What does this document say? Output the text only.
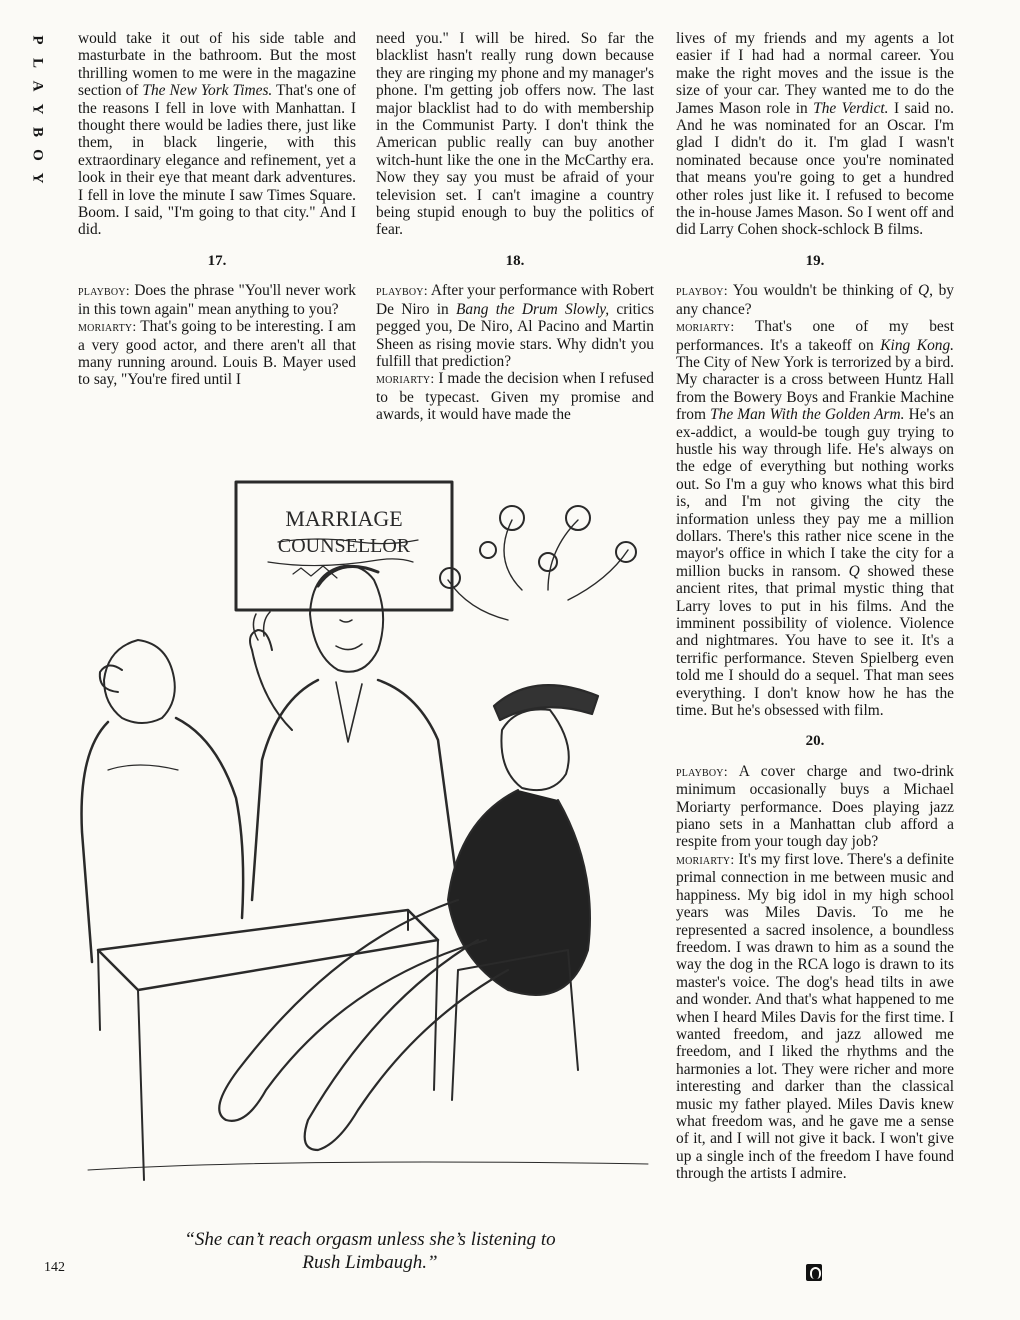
P
L
A
Y
B
O
Y

would take it out of his side table and masturbate in the bathroom. But the most thrilling women to me were in the magazine section of The New York Times. That's one of the reasons I fell in love with Manhattan. I thought there would be ladies there, just like them, in black lingerie, with this extraordinary elegance and refinement, yet a look in their eye that meant dark adventures. I fell in love the minute I saw Times Square. Boom. I said, "I'm going to that city." And I did.

17.

playboy: Does the phrase "You'll never work in this town again" mean anything to you?

moriarty: That's going to be interesting. I am a very good actor, and there aren't all that many running around. Louis B. Mayer used to say, "You're fired until I

need you." I will be hired. So far the blacklist hasn't really rung down because they are ringing my phone and my manager's phone. I'm getting job offers now. The last major blacklist had to do with membership in the Communist Party. I don't think the American public really can buy another witch-hunt like the one in the McCarthy era. Now they say you must be afraid of your television set. I can't imagine a country being stupid enough to buy the politics of fear.

18.

playboy: After your performance with Robert De Niro in Bang the Drum Slowly, critics pegged you, De Niro, Al Pacino and Martin Sheen as rising movie stars. Why didn't you fulfill that prediction?

moriarty: I made the decision when I refused to be typecast. Given my promise and awards, it would have made the

lives of my friends and my agents a lot easier if I had had a normal career. You make the right moves and the issue is the size of your car. They wanted me to do the James Mason role in The Verdict. I said no. And he was nominated for an Oscar. I'm glad I didn't do it. I'm glad I wasn't nominated because once you're nominated that means you're going to get a hundred other roles just like it. I refused to become the in-house James Mason. So I went off and did Larry Cohen shock-schlock B films.

19.

playboy: You wouldn't be thinking of Q, by any chance?

moriarty: That's one of my best performances. It's a takeoff on King Kong. The City of New York is terrorized by a bird. My character is a cross between Huntz Hall from the Bowery Boys and Frankie Machine from The Man With the Golden Arm. He's an ex-addict, a would-be tough guy trying to hustle his way through life. He's always on the edge of everything but nothing works out. So I'm a guy who knows what this bird is, and I'm not giving the city the information unless they pay me a million dollars. There's this rather nice scene in the mayor's office in which I take the city for a million bucks in ransom. Q showed these ancient rites, that primal mystic thing that Larry loves to put in his films. And the imminent possibility of violence. Violence and nightmares. You have to see it. It's a terrific performance. Steven Spielberg even told me I should do a sequel. That man sees everything. I don't know how he has the time. But he's obsessed with film.

20.

playboy: A cover charge and two-drink minimum occasionally buys a Michael Moriarty performance. Does playing jazz piano sets in a Manhattan club afford a respite from your tough day job?

moriarty: It's my first love. There's a definite primal connection in me between music and happiness. My big idol in my high school years was Miles Davis. To me he represented a sacred insolence, a boundless freedom. I was drawn to him as a sound the way the dog in the RCA logo is drawn to its master's voice. The dog's head tilts in awe and wonder. And that's what happened to me when I heard Miles Davis for the first time. I wanted freedom, and jazz allowed me freedom, and I liked the rhythms and the harmonies a lot. They were richer and more interesting and darker than the classical music my father played. Miles Davis knew what freedom was, and he gave me a sense of it, and I will not give it back. I won't give up a single inch of the freedom I have found through the artists I admire.

MARRIAGE
COUNSELLOR
“She can’t reach orgasm unless she’s listening to
Rush Limbaugh.”
142
